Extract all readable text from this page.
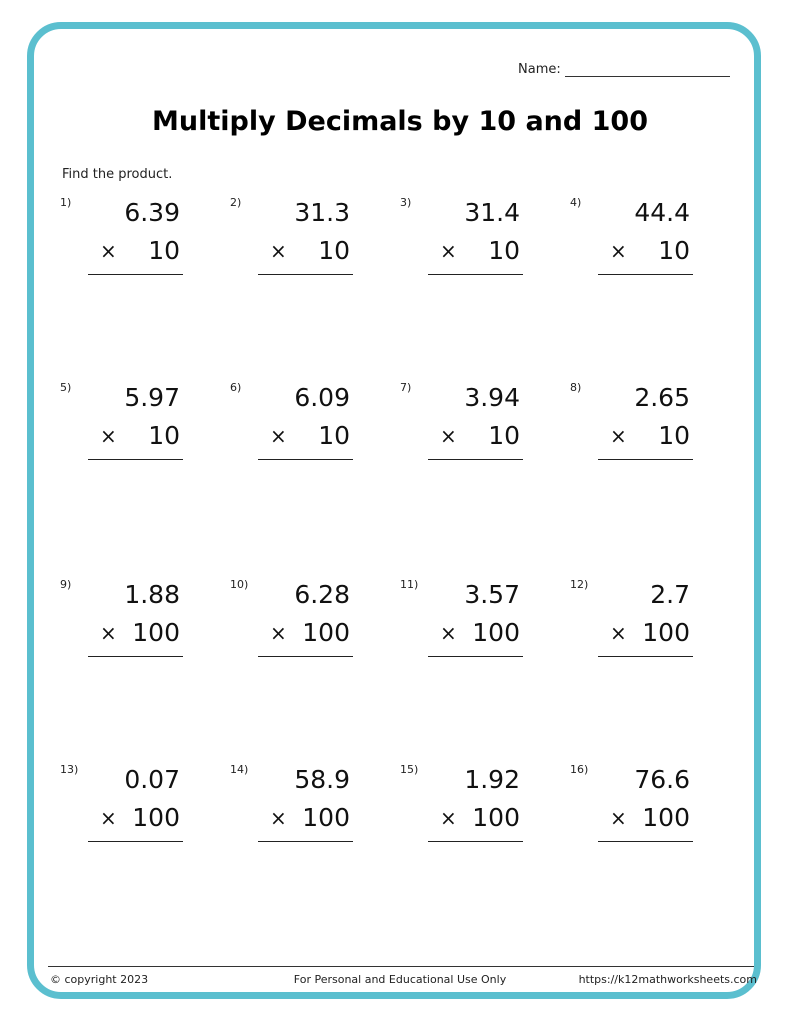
Name:
Multiply Decimals by 10 and 100
Find the product.
1) 6.39
× 10
2) 31.3
× 10
3) 31.4
× 10
4) 44.4
× 10
5) 5.97
× 10
6) 6.09
× 10
7) 3.94
× 10
8) 2.65
× 10
9) 1.88
× 100
10) 6.28
× 100
11) 3.57
× 100
12) 2.7
× 100
13) 0.07
× 100
14) 58.9
× 100
15) 1.92
× 100
16) 76.6
× 100
© copyright 2023	For Personal and Educational Use Only	https://k12mathworksheets.com
